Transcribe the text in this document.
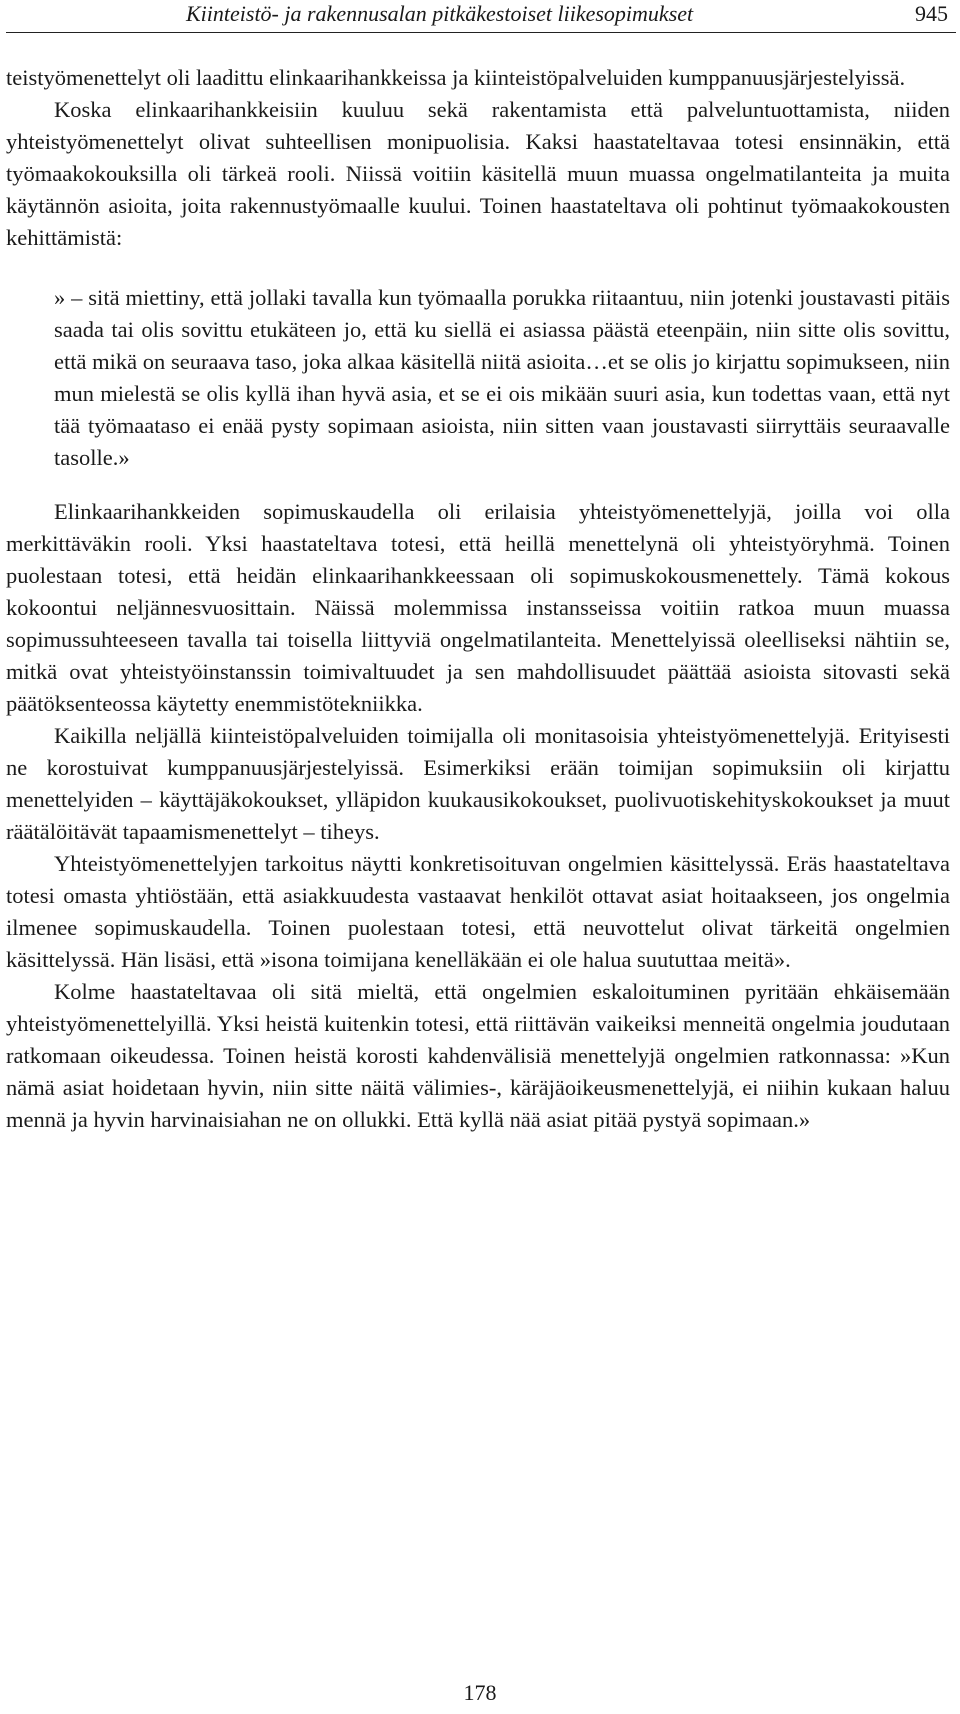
Kiinteistö- ja rakennusalan pitkäkestoiset liikesopimukset	945

teistyömenettelyt oli laadittu elinkaarihankkeissa ja kiinteistöpalveluiden kumppanuusjärjestelyissä.

Koska elinkaarihankkeisiin kuuluu sekä rakentamista että palveluntuottamista, niiden yhteistyömenettelyt olivat suhteellisen monipuolisia. Kaksi haastateltavaa totesi ensinnäkin, että työmaakokouksilla oli tärkeä rooli. Niissä voitiin käsitellä muun muassa ongelmatilanteita ja muita käytännön asioita, joita rakennustyömaalle kuului. Toinen haastateltava oli pohtinut työmaakokousten kehittämistä:

» – sitä miettiny, että jollaki tavalla kun työmaalla porukka riitaantuu, niin jotenki joustavasti pitäis saada tai olis sovittu etukäteen jo, että ku siellä ei asiassa päästä eteenpäin, niin sitte olis sovittu, että mikä on seuraava taso, joka alkaa käsitellä niitä asioita…et se olis jo kirjattu sopimukseen, niin mun mielestä se olis kyllä ihan hyvä asia, et se ei ois mikään suuri asia, kun todettas vaan, että nyt tää työmaataso ei enää pysty sopimaan asioista, niin sitten vaan joustavasti siirryttäis seuraavalle tasolle.»

Elinkaarihankkeiden sopimuskaudella oli erilaisia yhteistyömenettelyjä, joilla voi olla merkittäväkin rooli. Yksi haastateltava totesi, että heillä menettelynä oli yhteistyöryhmä. Toinen puolestaan totesi, että heidän elinkaarihankkeessaan oli sopimuskokousmenettely. Tämä kokous kokoontui neljännesvuosittain. Näissä molemmissa instansseissa voitiin ratkoa muun muassa sopimussuhteeseen tavalla tai toisella liittyviä ongelmatilanteita. Menettelyissä oleelliseksi nähtiin se, mitkä ovat yhteistyöinstanssin toimivaltuudet ja sen mahdollisuudet päättää asioista sitovasti sekä päätöksenteossa käytetty enemmistötekniikka.

Kaikilla neljällä kiinteistöpalveluiden toimijalla oli monitasoisia yhteistyömenettelyjä. Erityisesti ne korostuivat kumppanuusjärjestelyissä. Esimerkiksi erään toimijan sopimuksiin oli kirjattu menettelyiden – käyttäjäkokoukset, ylläpidon kuukausikokoukset, puolivuotiskehityskokoukset ja muut räätälöitävät tapaamismenettelyt – tiheys.

Yhteistyömenettelyjen tarkoitus näytti konkretisoituvan ongelmien käsittelyssä. Eräs haastateltava totesi omasta yhtiöstään, että asiakkuudesta vastaavat henkilöt ottavat asiat hoitaakseen, jos ongelmia ilmenee sopimuskaudella. Toinen puolestaan totesi, että neuvottelut olivat tärkeitä ongelmien käsittelyssä. Hän lisäsi, että »isona toimijana kenelläkään ei ole halua suututtaa meitä».

Kolme haastateltavaa oli sitä mieltä, että ongelmien eskaloituminen pyritään ehkäisemään yhteistyömenettelyillä. Yksi heistä kuitenkin totesi, että riittävän vaikeiksi menneitä ongelmia joudutaan ratkomaan oikeudessa. Toinen heistä korosti kahdenvälisiä menettelyjä ongelmien ratkonnassa: »Kun nämä asiat hoidetaan hyvin, niin sitte näitä välimies-, käräjäoikeusmenettelyjä, ei niihin kukaan haluu mennä ja hyvin harvinaisiahan ne on ollukki. Että kyllä nää asiat pitää pystyä sopimaan.»

178
